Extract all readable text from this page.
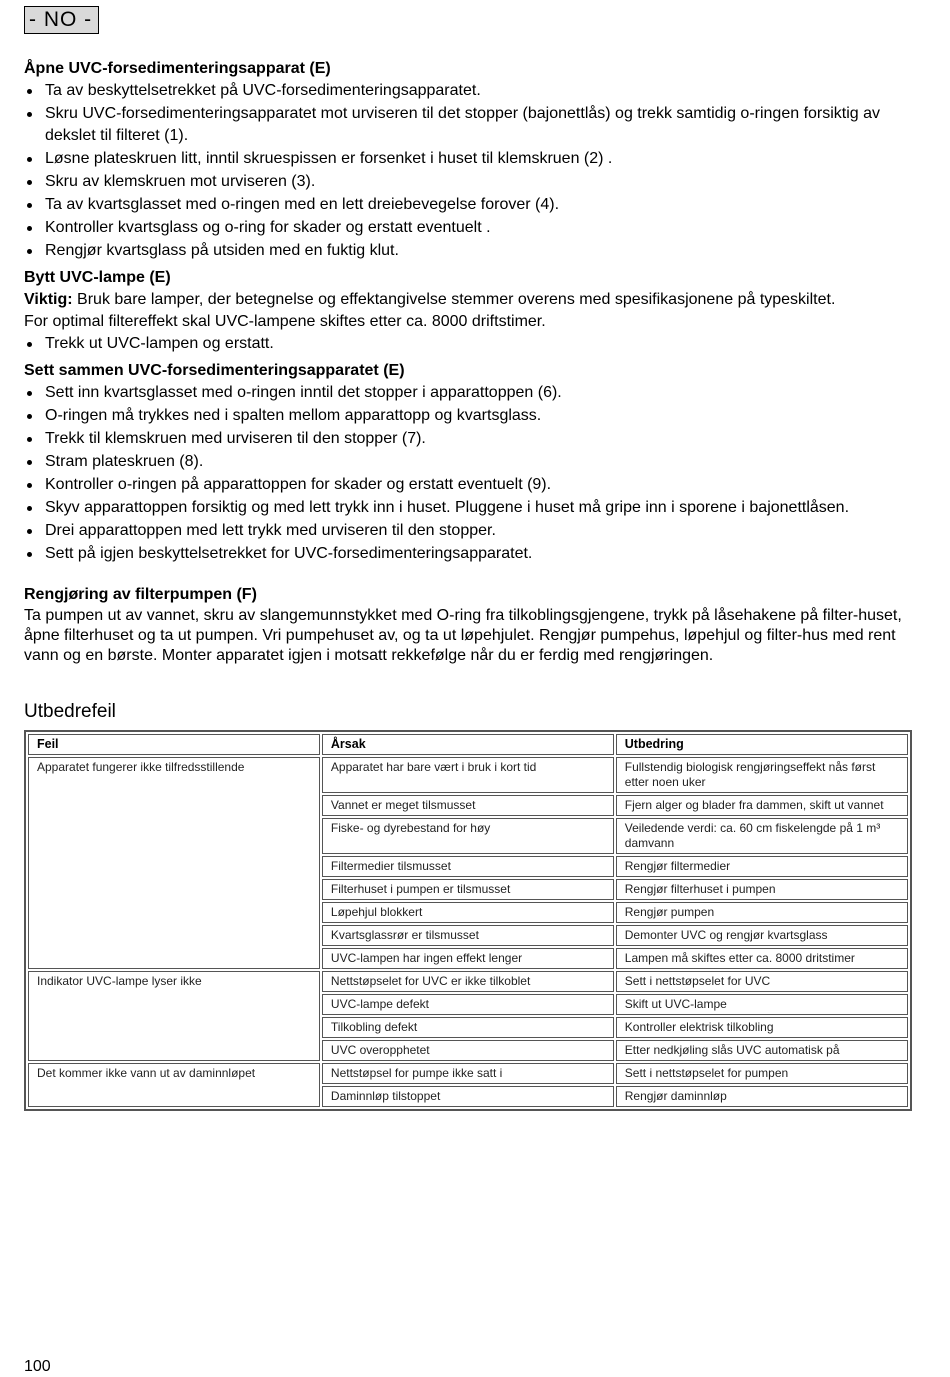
- NO -
Åpne UVC-forsedimenteringsapparat (E)
Ta av beskyttelsetrekket på UVC-forsedimenteringsapparatet.
Skru UVC-forsedimenteringsapparatet mot urviseren til det stopper (bajonettlås) og trekk samtidig o-ringen forsiktig av dekslet til filteret (1).
Løsne plateskruen litt, inntil skruespissen er forsenket i huset til klemskruen (2) .
Skru av klemskruen mot urviseren (3).
Ta av kvartsglasset med o-ringen med en lett dreiebevegelse forover (4).
Kontroller kvartsglass og o-ring for skader og erstatt eventuelt .
Rengjør kvartsglass på utsiden med en fuktig klut.
Bytt UVC-lampe (E)

Viktig: Bruk bare lamper, der betegnelse og effektangivelse stemmer overens med spesifikasjonene på typeskiltet.

For optimal filtereffekt skal UVC-lampene skiftes etter ca. 8000 driftstimer.

Trekk ut UVC-lampen og erstatt.
Sett sammen UVC-forsedimenteringsapparatet (E)
Sett inn kvartsglasset med o-ringen inntil det stopper i apparattoppen (6).
O-ringen må trykkes ned i spalten mellom apparattopp og kvartsglass.
Trekk til klemskruen med urviseren til den stopper (7).
Stram plateskruen (8).
Kontroller o-ringen på apparattoppen for skader og erstatt eventuelt (9).
Skyv apparattoppen forsiktig og med lett trykk inn i huset. Pluggene i huset må gripe inn i sporene i bajonettlåsen.
Drei apparattoppen med lett trykk med urviseren til den stopper.
Sett på igjen beskyttelsetrekket for UVC-forsedimenteringsapparatet.
Rengjøring av filterpumpen (F)

Ta pumpen ut av vannet, skru av slangemunnstykket med O-ring fra tilkoblingsgjengene, trykk på låsehakene på filter-huset, åpne filterhuset og ta ut pumpen. Vri pumpehuset av, og ta ut løpehjulet. Rengjør pumpehus, løpehjul og filter-hus med rent vann og en børste. Monter apparatet igjen i motsatt rekkefølge når du er ferdig med rengjøringen.

Utbedrefeil
Feil	Årsak	Utbedring
Apparatet fungerer ikke tilfredsstillende	Apparatet har bare vært i bruk i kort tid	Fullstendig biologisk rengjøringseffekt nås først etter noen uker
	Vannet er meget tilsmusset	Fjern alger og blader fra dammen, skift ut vannet
	Fiske- og dyrebestand for høy	Veiledende verdi: ca. 60 cm fiskelengde på 1 m³ damvann
	Filtermedier tilsmusset	Rengjør filtermedier
	Filterhuset i pumpen er tilsmusset	Rengjør filterhuset i pumpen
	Løpehjul blokkert	Rengjør pumpen
	Kvartsglassrør er tilsmusset	Demonter UVC og rengjør kvartsglass
	UVC-lampen har ingen effekt lenger	Lampen må skiftes etter ca. 8000 dritstimer
Indikator UVC-lampe lyser ikke	Nettstøpselet for UVC er ikke tilkoblet	Sett i nettstøpselet for UVC
	UVC-lampe defekt	Skift ut UVC-lampe
	Tilkobling defekt	Kontroller elektrisk tilkobling
	UVC overopphetet	Etter nedkjøling slås UVC automatisk på
Det kommer ikke vann ut av daminnløpet	Nettstøpsel for pumpe ikke satt i	Sett i nettstøpselet for pumpen
	Daminnløp tilstoppet	Rengjør daminnløp
100
